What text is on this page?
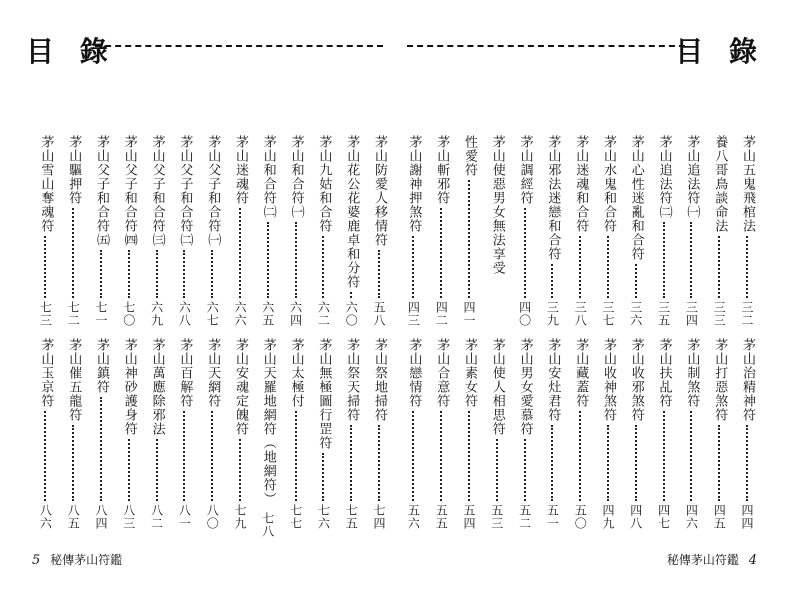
目 錄
茅山防愛人移情符
五八
茅山花公花婆鹿卓和分符
六〇
茅山九姑和合符
六二
茅山和合符㈠
六四
茅山和合符㈡
六五
茅山迷魂符
六六
茅山父子和合符㈠
六七
茅山父子和合符㈡
六八
茅山父子和合符㈢
六九
茅山父子和合符㈣
七〇
茅山父子和合符㈤
七一
茅山驅押符
七二
茅山雪山奪魂符
七三
茅山祭地掃符
七四
茅山祭天掃符
七五
茅山無極圖行罡符
七六
茅山太極付
七七
茅山天羅地網符（地網符）
七八
茅山安魂定魄符
七九
茅山天網符
八〇
茅山百解符
八一
茅山萬應除邪法
八二
茅山神砂護身符
八三
茅山鎮符
八四
茅山催五龍符
八五
茅山玉京符
八六
5 秘傳茅山符鑑
目 錄
茅山五鬼飛棺法
三二
養八哥鳥談命法
三三
茅山追法符㈠
三四
茅山追法符㈡
三五
茅山心性迷亂和合符
三六
茅山水鬼和合符
三七
茅山迷魂和合符
三八
茅山邪法迷戀和合符
三九
茅山調經符
四〇
茅山使惡男女無法享受
性愛符
四一
茅山斬邪符
四二
茅山謝神押煞符
四三
茅山治精神符
四四
茅山打惡煞符
四五
茅山制煞符
四六
茅山扶乩符
四七
茅山收邪煞符
四八
茅山收神煞符
四九
茅山藏蓋符
五〇
茅山安灶君符
五一
茅山男女愛慕符
五二
茅山使人相思符
五三
茅山素女符
五四
茅山合意符
五五
茅山戀情符
五六
秘傳茅山符鑑 4
